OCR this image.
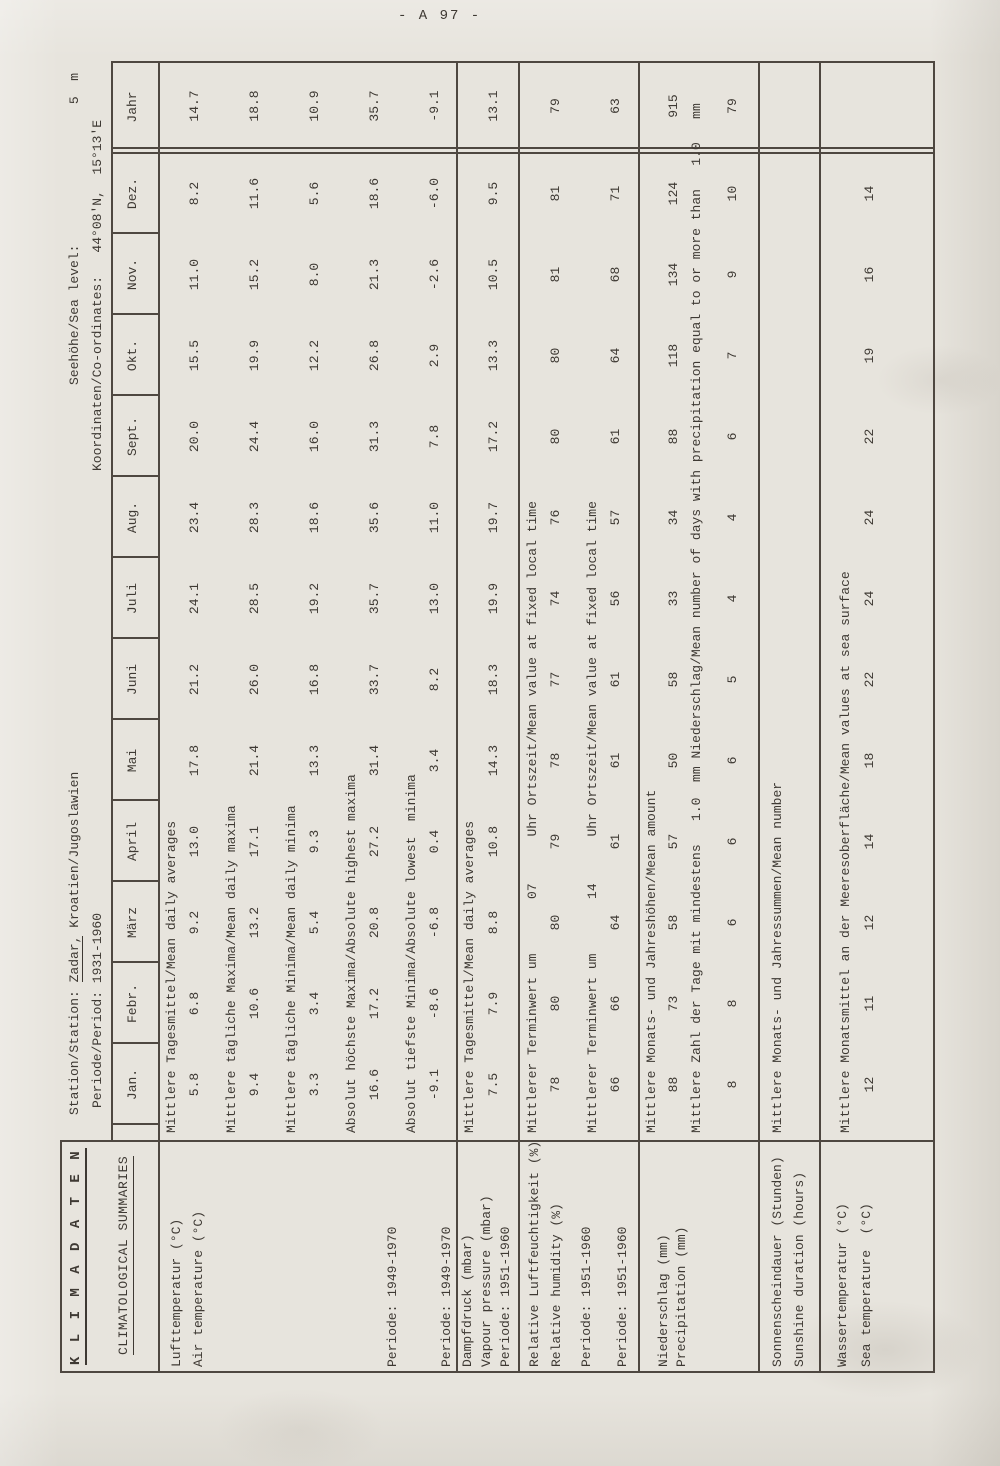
- A 97 -
Station/Station: Zadar, Kroatien/Jugoslawien
Seehöhe/Sea level:                  5  m
Periode/Period: 1931-1960
Koordinaten/Co-ordinates:   44°08'N,  15°13'E
K L I M A D A T E N CLIMATOLOGICAL SUMMARIES
Jan.
Febr.
März
April
Mai
Juni
Juli
Aug.
Sept.
Okt.
Nov.
Dez.
Jahr
Lufttemperatur (°C) Air temperature (°C)	Periode: 1949-1970	Periode: 1949-1970
Mittlere Tagesmittel/Mean daily averages 5.8
6.8
9.2
13.0
17.8
21.2
24.1
23.4
20.0
15.5
11.0
8.2
14.7
Mittlere tägliche Maxima/Mean daily maxima 9.4
10.6
13.2
17.1
21.4
26.0
28.5
28.3
24.4
19.9
15.2
11.6
18.8
Mittlere tägliche Minima/Mean daily minima 3.3
3.4
5.4
9.3
13.3
16.8
19.2
18.6
16.0
12.2
8.0
5.6
10.9
Absolut höchste Maxima/Absolute highest maxima 16.6
17.2
20.8
27.2
31.4
33.7
35.7
35.6
31.3
26.8
21.3
18.6
35.7
Absolut tiefste Minima/Absolute lowest  minima -9.1
-8.6
-6.8
0.4
3.4
8.2
13.0
11.0
7.8
2.9
-2.6
-6.0
-9.1
Dampfdruck (mbar) Vapour pressure (mbar) Periode: 1951-1960
Mittlere Tagesmittel/Mean daily averages 7.5
7.9
8.8
10.8
14.3
18.3
19.9
19.7
17.2
13.3
10.5
9.5
13.1
Relative Luftfeuchtigkeit (%) Relative humidity (%) Periode: 1951-1960 Periode: 1951-1960
Mittlerer Terminwert um       07      Uhr Ortszeit/Mean value at fixed local time 78
80
80
79
78
77
74
76
80
80
81
81
79
Mittlerer Terminwert um       14      Uhr Ortszeit/Mean value at fixed local time 66
66
64
61
61
61
56
57
61
64
68
71
63
Niederschlag (mm) Precipitation (mm)
Mittlere Monats- und Jahreshöhen/Mean amount 88
73
58
57
50
58
33
34
88
118
134
124
915 Mittlere Zahl der Tage mit mindestens   1.0  mm Niederschlag/Mean number of days with precipitation equal to or more than   1.0   mm 8
8
6
6
6
5
4
4
6
7
9
10
79
Sonnenscheindauer (Stunden) Sunshine duration (hours)
Mittlere Monats- und Jahressummen/Mean number
Wassertemperatur (°C) Sea temperature  (°C)
Mittlere Monatsmittel an der Meeresoberfläche/Mean values at sea surface 12
11
12
14
18
22
24
24
22
19
16
14
